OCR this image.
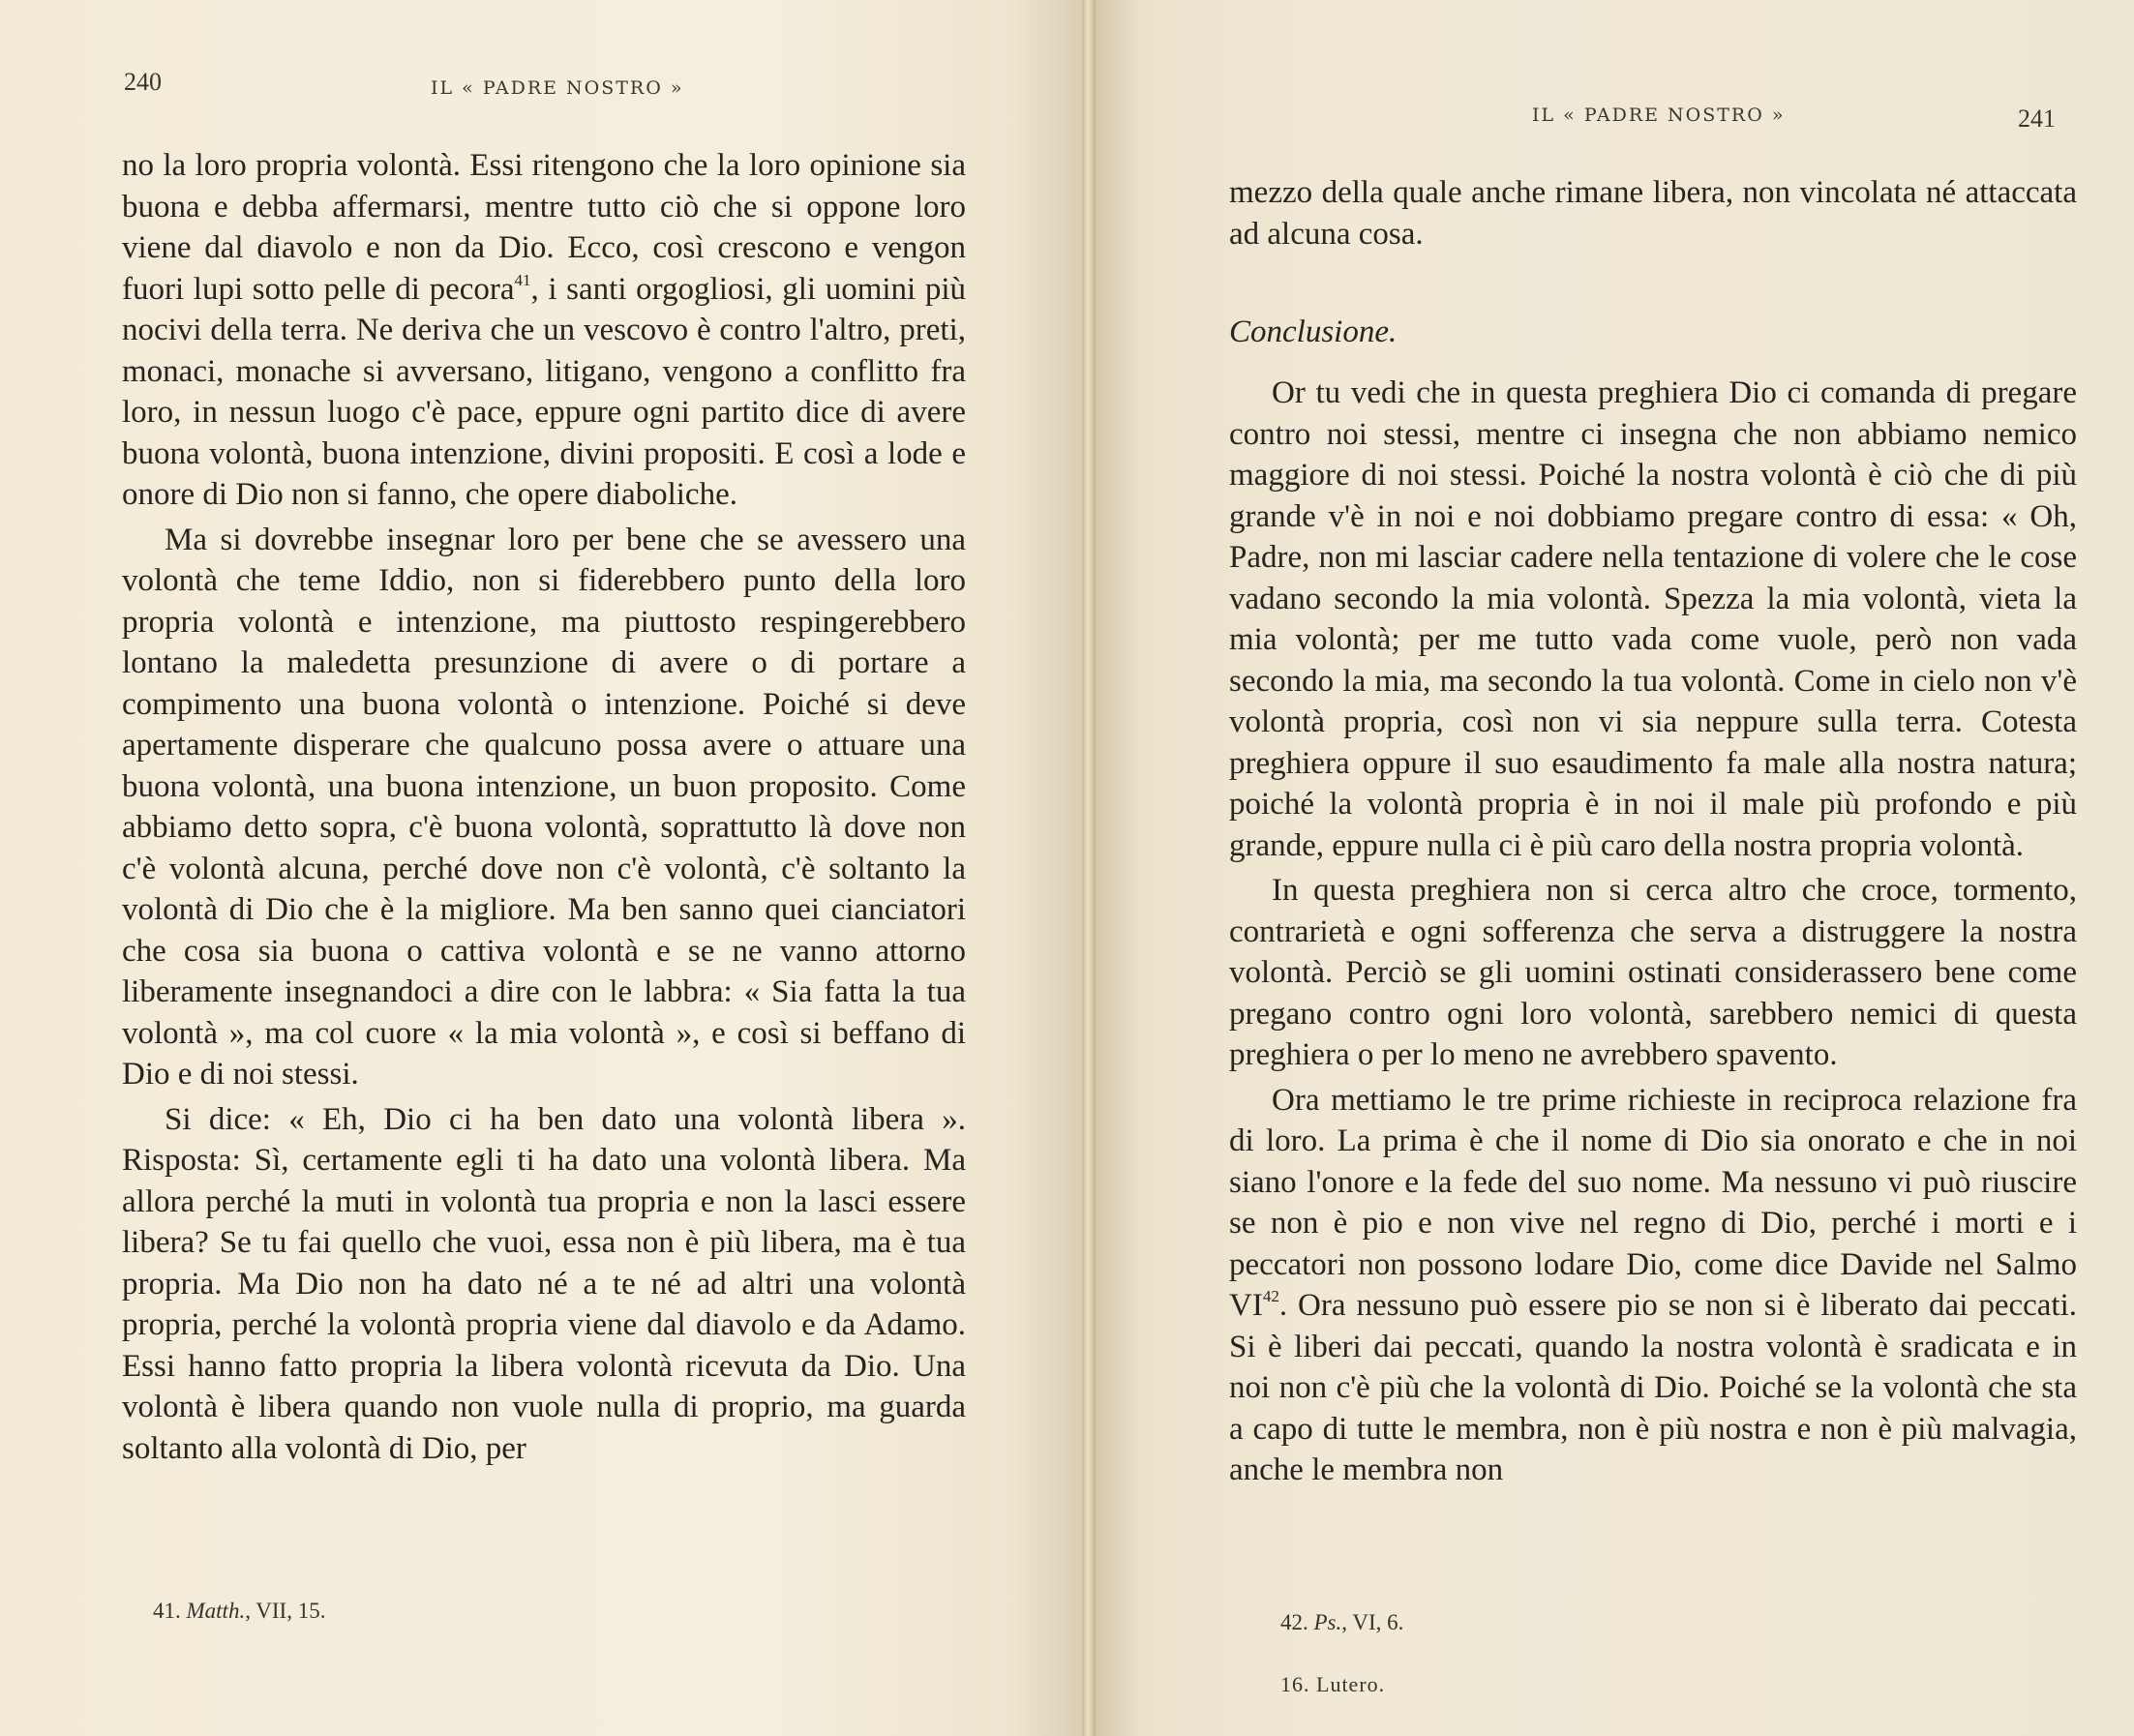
240	IL « PADRE NOSTRO »

no la loro propria volontà. Essi ritengono che la loro opinione sia buona e debba affermarsi, mentre tutto ciò che si oppone loro viene dal diavolo e non da Dio. Ecco, così crescono e vengon fuori lupi sotto pelle di pecora$^{41}$, i santi orgogliosi, gli uomini più nocivi della terra. Ne deriva che un vescovo è contro l'altro, preti, monaci, monache si avversano, litigano, vengono a conflitto fra loro, in nessun luogo c'è pace, eppure ogni partito dice di avere buona volontà, buona intenzione, divini propositi. E così a lode e onore di Dio non si fanno, che opere diaboliche.

Ma si dovrebbe insegnar loro per bene che se avessero una volontà che teme Iddio, non si fiderebbero punto della loro propria volontà e intenzione, ma piuttosto respingerebbero lontano la maledetta presunzione di avere o di portare a compimento una buona volontà o intenzione. Poiché si deve apertamente disperare che qualcuno possa avere o attuare una buona volontà, una buona intenzione, un buon proposito. Come abbiamo detto sopra, c'è buona volontà, soprattutto là dove non c'è volontà alcuna, perché dove non c'è volontà, c'è soltanto la volontà di Dio che è la migliore. Ma ben sanno quei cianciatori che cosa sia buona o cattiva volontà e se ne vanno attorno liberamente insegnandoci a dire con le labbra: « Sia fatta la tua volontà », ma col cuore « la mia volontà », e così si beffano di Dio e di noi stessi.

Si dice: « Eh, Dio ci ha ben dato una volontà libera ». Risposta: Sì, certamente egli ti ha dato una volontà libera. Ma allora perché la muti in volontà tua propria e non la lasci essere libera? Se tu fai quello che vuoi, essa non è più libera, ma è tua propria. Ma Dio non ha dato né a te né ad altri una volontà propria, perché la volontà propria viene dal diavolo e da Adamo. Essi hanno fatto propria la libera volontà ricevuta da Dio. Una volontà è libera quando non vuole nulla di proprio, ma guarda soltanto alla volontà di Dio, per

41. Matth., VII, 15.
IL « PADRE NOSTRO »	241

mezzo della quale anche rimane libera, non vincolata né attaccata ad alcuna cosa.

Conclusione.

Or tu vedi che in questa preghiera Dio ci comanda di pregare contro noi stessi, mentre ci insegna che non abbiamo nemico maggiore di noi stessi. Poiché la nostra volontà è ciò che di più grande v'è in noi e noi dobbiamo pregare contro di essa: « Oh, Padre, non mi lasciar cadere nella tentazione di volere che le cose vadano secondo la mia volontà. Spezza la mia volontà, vieta la mia volontà; per me tutto vada come vuole, però non vada secondo la mia, ma secondo la tua volontà. Come in cielo non v'è volontà propria, così non vi sia neppure sulla terra. Cotesta preghiera oppure il suo esaudimento fa male alla nostra natura; poiché la volontà propria è in noi il male più profondo e più grande, eppure nulla ci è più caro della nostra propria volontà.

In questa preghiera non si cerca altro che croce, tormento, contrarietà e ogni sofferenza che serva a distruggere la nostra volontà. Perciò se gli uomini ostinati considerassero bene come pregano contro ogni loro volontà, sarebbero nemici di questa preghiera o per lo meno ne avrebbero spavento.

Ora mettiamo le tre prime richieste in reciproca relazione fra di loro. La prima è che il nome di Dio sia onorato e che in noi siano l'onore e la fede del suo nome. Ma nessuno vi può riuscire se non è pio e non vive nel regno di Dio, perché i morti e i peccatori non possono lodare Dio, come dice Davide nel Salmo VI$^{42}$. Ora nessuno può essere pio se non si è liberato dai peccati. Si è liberi dai peccati, quando la nostra volontà è sradicata e in noi non c'è più che la volontà di Dio. Poiché se la volontà che sta a capo di tutte le membra, non è più nostra e non è più malvagia, anche le membra non

42. Ps., VI, 6.
16. Lutero.
